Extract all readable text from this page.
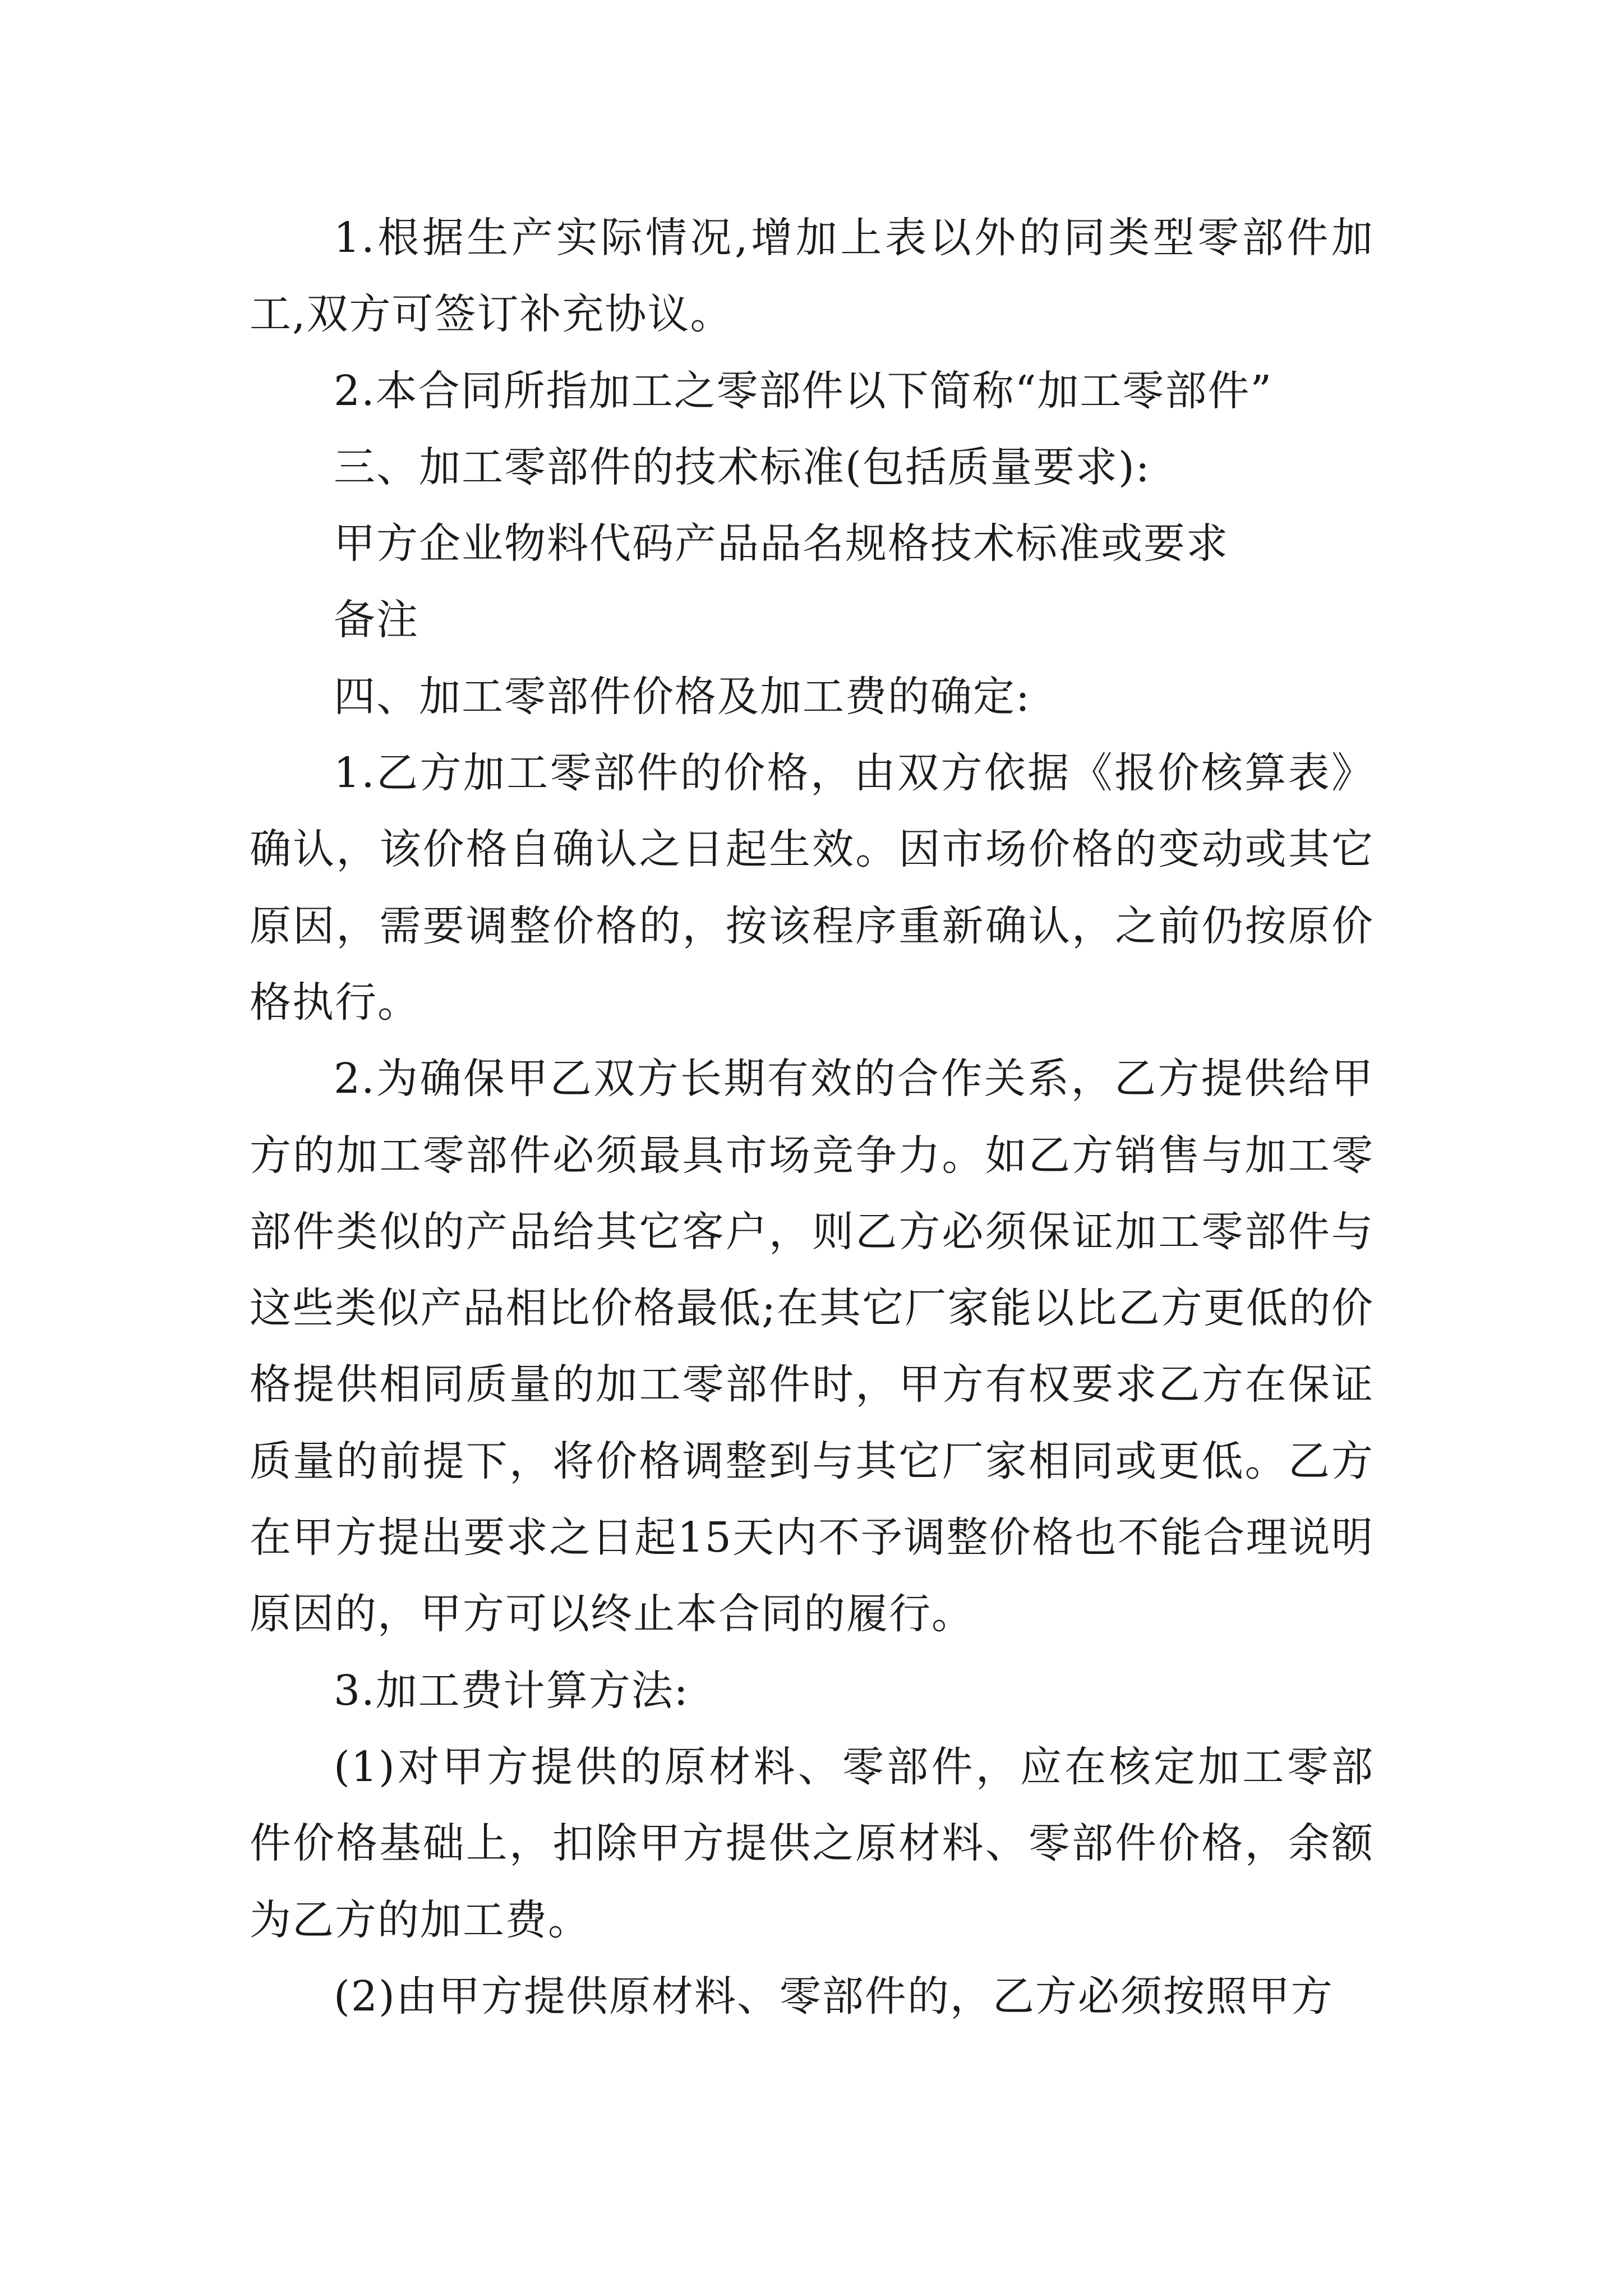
1.根据生产实际情况,增加上表以外的同类型零部件加工,双方可签订补充协议。

2.本合同所指加工之零部件以下简称“加工零部件”

三、加工零部件的技术标准(包括质量要求):

甲方企业物料代码产品品名规格技术标准或要求

备注

四、加工零部件价格及加工费的确定:

1.乙方加工零部件的价格，由双方依据《报价核算表》确认，该价格自确认之日起生效。因市场价格的变动或其它原因，需要调整价格的，按该程序重新确认，之前仍按原价格执行。

2.为确保甲乙双方长期有效的合作关系，乙方提供给甲方的加工零部件必须最具市场竞争力。如乙方销售与加工零部件类似的产品给其它客户，则乙方必须保证加工零部件与这些类似产品相比价格最低;在其它厂家能以比乙方更低的价格提供相同质量的加工零部件时，甲方有权要求乙方在保证质量的前提下，将价格调整到与其它厂家相同或更低。乙方在甲方提出要求之日起15天内不予调整价格也不能合理说明原因的，甲方可以终止本合同的履行。

3.加工费计算方法:

(1)对甲方提供的原材料、零部件，应在核定加工零部件价格基础上，扣除甲方提供之原材料、零部件价格，余额为乙方的加工费。

(2)由甲方提供原材料、零部件的，乙方必须按照甲方
